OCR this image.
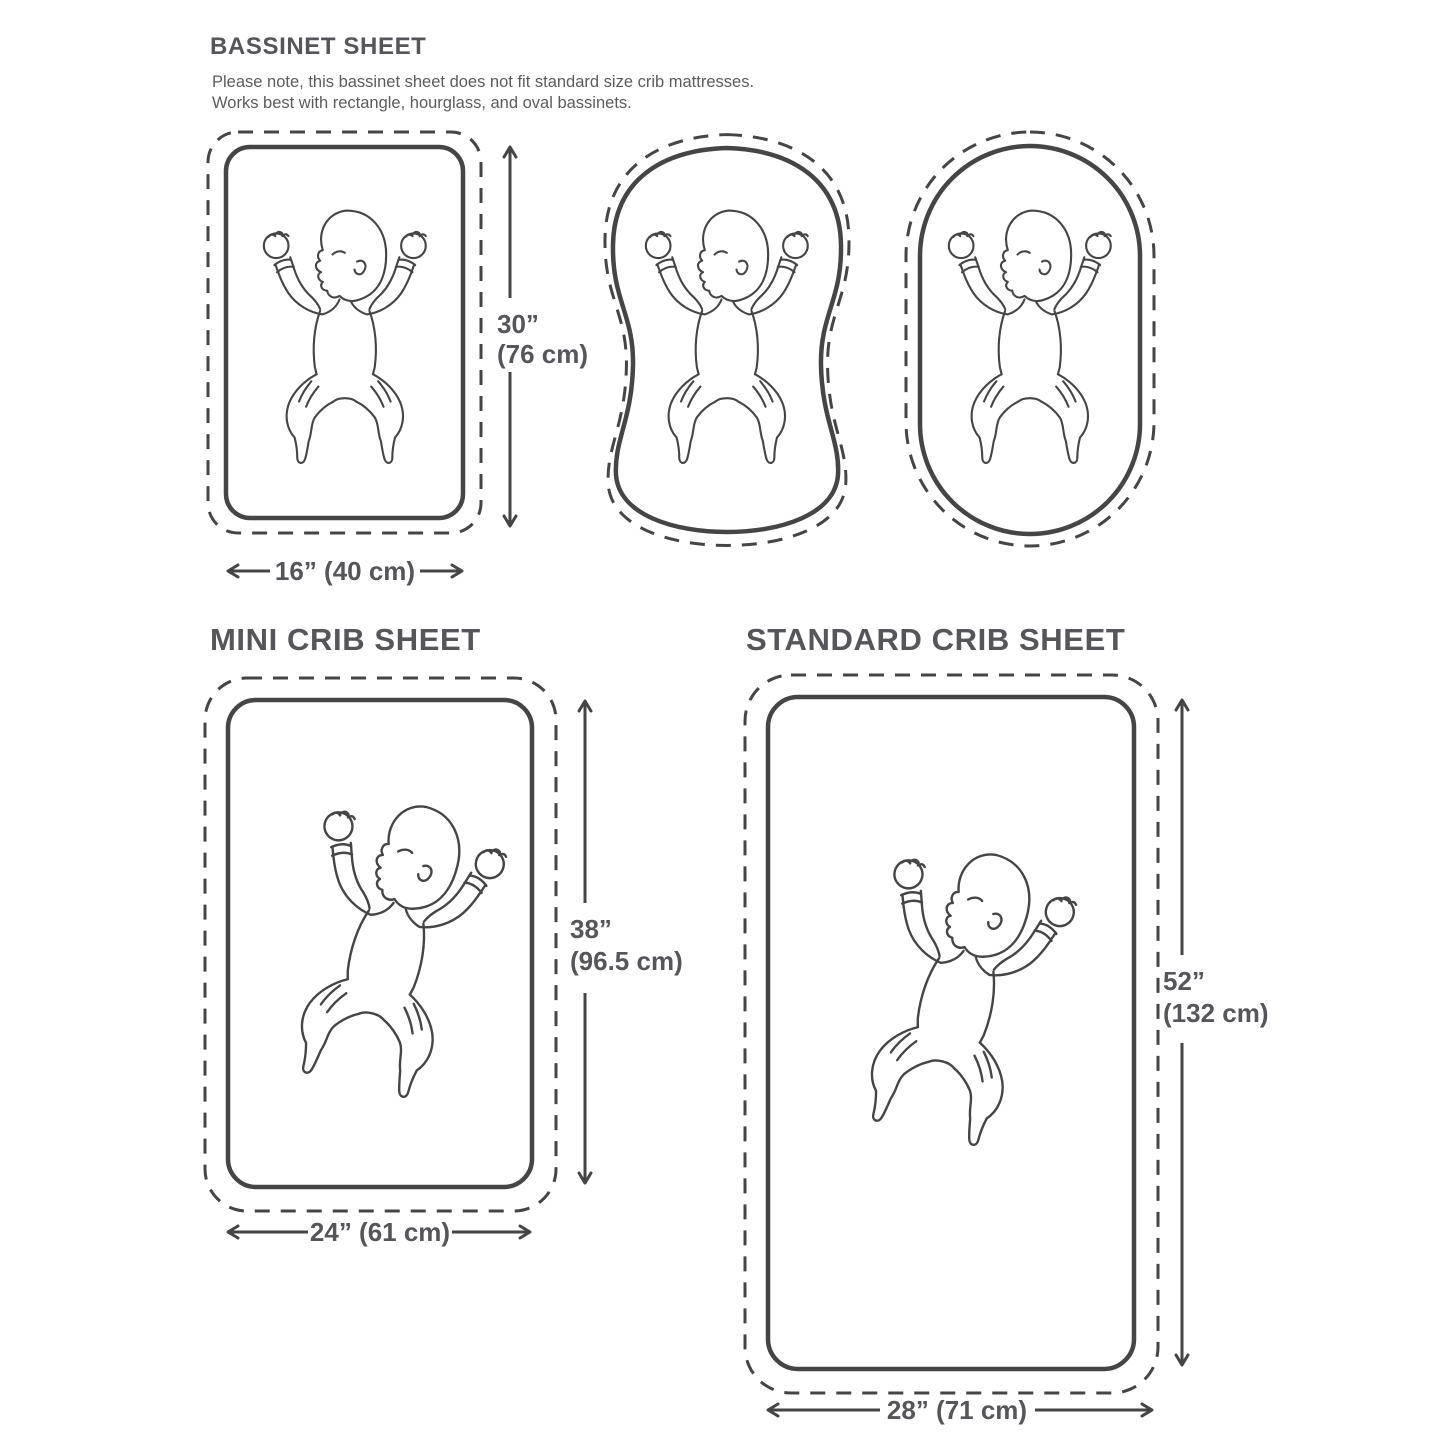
BASSINET SHEET
Please note, this bassinet sheet does not fit standard size crib mattresses.
Works best with rectangle, hourglass, and oval bassinets.
MINI CRIB SHEET	STANDARD CRIB SHEET
30”
(76 cm)
16” (40 cm)
38”
(96.5 cm)
24” (61 cm)
52”
(132 cm)
28” (71 cm)
